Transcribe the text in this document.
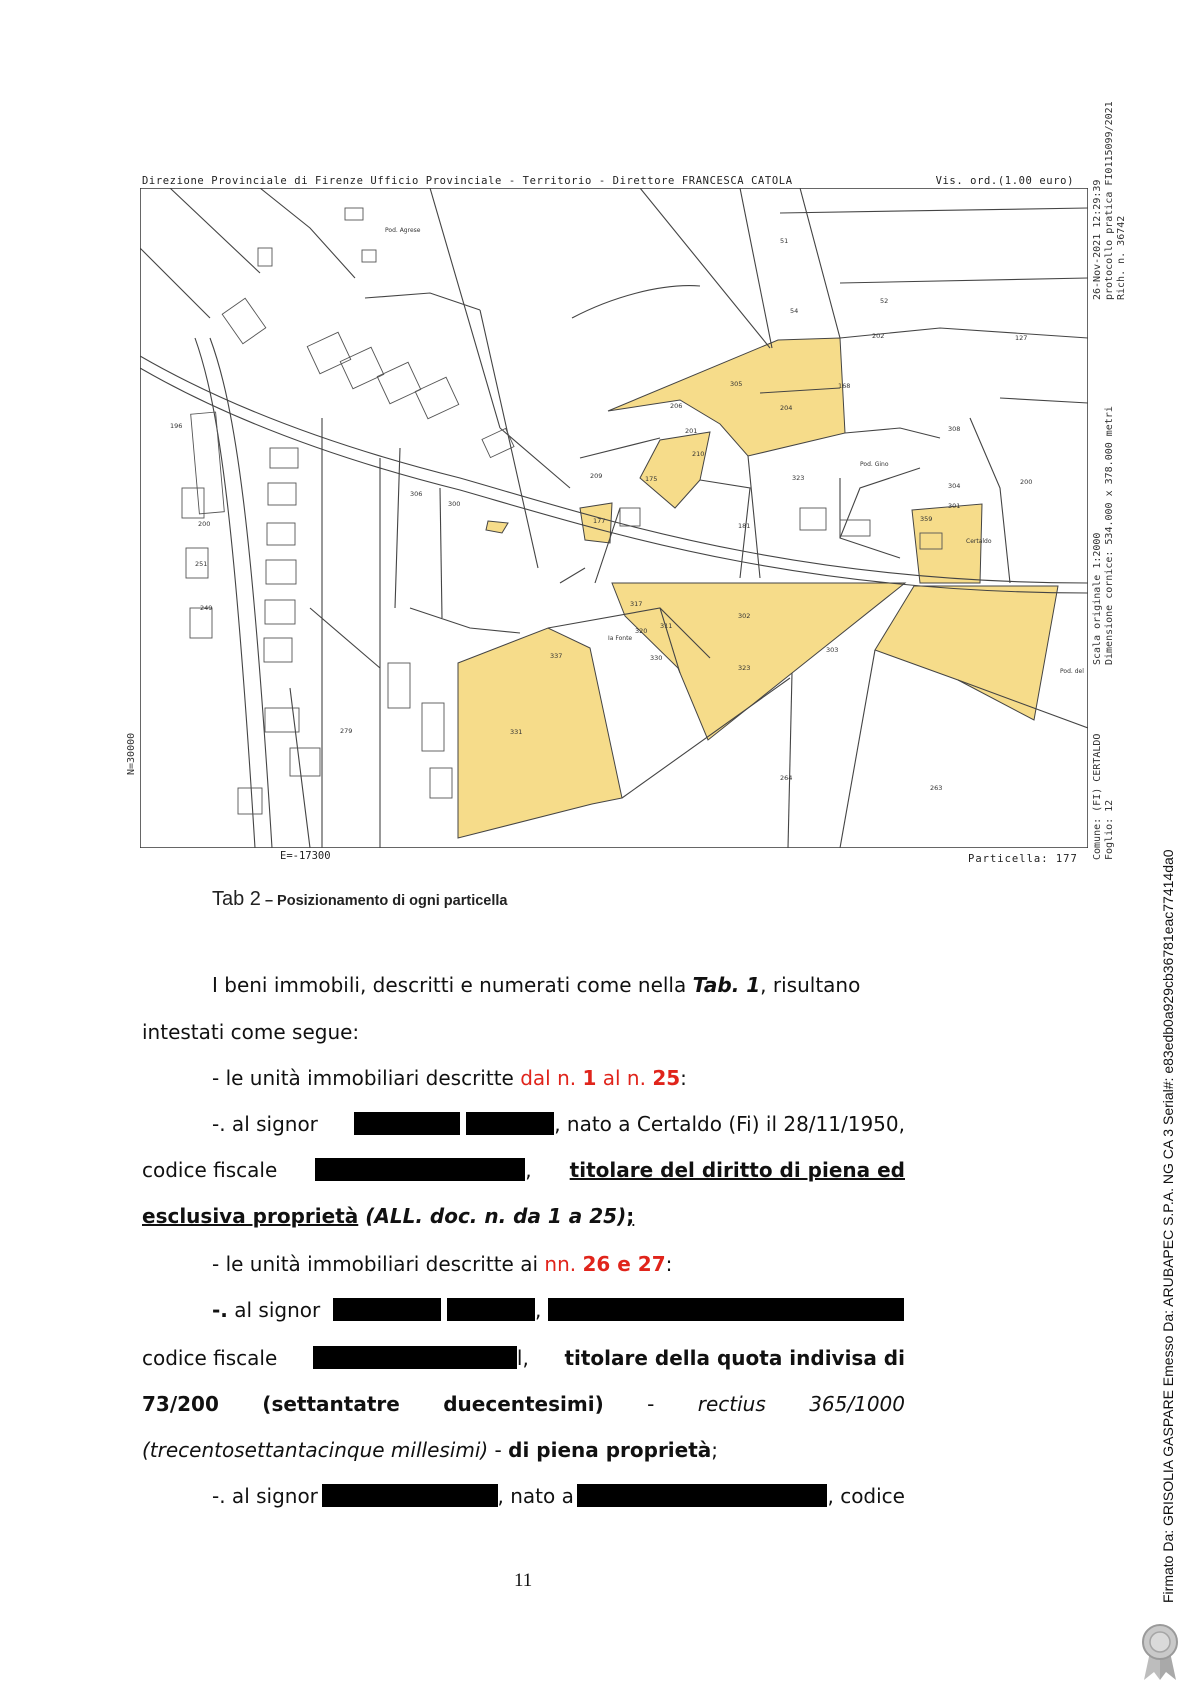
Direzione Provinciale di Firenze Ufficio Provinciale - Territorio - Direttore FRANCESCA CATOLA	Vis. ord.(1.00 euro)
305
204
210
206
168
177
175
301
359
304
317
302
323
320
303
331
201
202
51
52
54
127
196
251
200
249
279
337	330
264
263
306
300
308
323
181
209
311
200
Pod. Agrese
Pod. Gino
Pod. del
Ia Fonte
Certaldo
26-Nov-2021 12:29:39 protocollo pratica FI0115099/2021 Rich. n. 36742
Scala originale 1:2000 Dimensione cornice: 534.000 x 378.000 metri
Comune: (FI) CERTALDO Foglio: 12
N=30000
E=-17300	Particella: 177
Tab 2 – Posizionamento di ogni particella
I beni immobili, descritti e numerati come nella Tab. 1, risultano
intestati come segue:
- le unità immobiliari descritte dal n. 1 al n. 25:
-. al signor	, nato a Certaldo (Fi) il 28/11/1950,
codice fiscale	, titolare del diritto di piena ed
esclusiva proprietà (ALL. doc. n. da 1 a 25);
- le unità immobiliari descritte ai nn. 26 e 27:
-. al signor	,
codice fiscale	l, titolare della quota indivisa di
73/200 (settantatre duecentesimi) - rectius 365/1000
(trecentosettantacinque millesimi) - di piena proprietà;
-. al signor	, nato a	, codice
11	Firmato Da: GRISOLIA GASPARE Emesso Da: ARUBAPEC S.P.A. NG CA 3 Serial#: e83edb0a929cb36781eac77414da0
